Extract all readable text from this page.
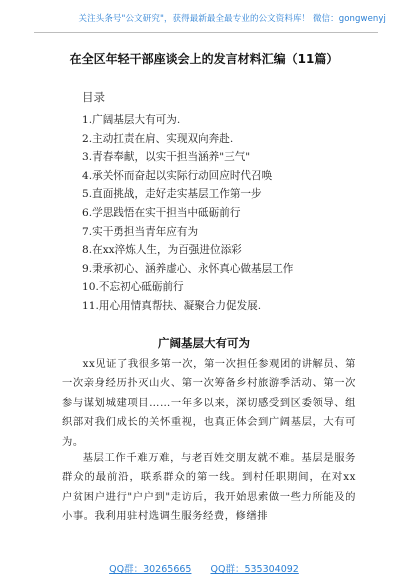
关注头条号"公文研究"，获得最新最全最专业的公文资料库！ 微信：gongwenyj
在全区年轻干部座谈会上的发言材料汇编（11篇）
目录
1.广阔基层大有可为.
2.主动扛责在肩、实现双向奔赴.
3.青春奉献，以实干担当涵养"三气"
4.承关怀而奋起以实际行动回应时代召唤
5.直面挑战，走好走实基层工作第一步
6.学思践悟在实干担当中砥砺前行
7.实干勇担当青年应有为
8.在xx淬炼人生，为百强进位添彩
9.秉承初心、涵养虚心、永怀真心做基层工作
10.不忘初心砥砺前行
11.用心用情真帮扶、凝聚合力促发展.
广阔基层大有可为

xx见证了我很多第一次，第一次担任参观团的讲解员、第一次亲身经历扑灭山火、第一次筹备乡村旅游季活动、第一次参与谋划城建项目……一年多以来，深切感受到区委领导、组织部对我们成长的关怀重视，也真正体会到广阔基层，大有可为。

基层工作千难万难，与老百姓交朋友就不难。基层是服务群众的最前沿，联系群众的第一线。到村任职期间，在对xx户贫困户进行"户户到"走访后，我开始思索做一些力所能及的小事。我利用驻村选调生服务经费，修缮排

QQ群：30265665 QQ群：535304092
